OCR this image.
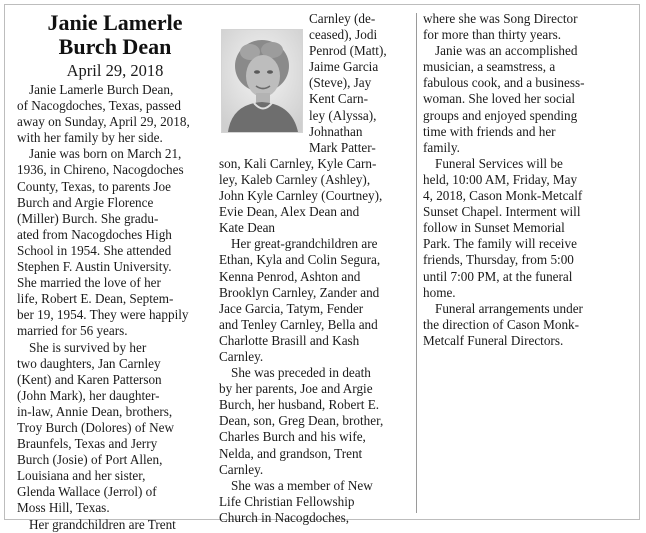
Janie Lamerle
Burch Dean
April 29, 2018
Janie Lamerle Burch Dean,
of Nacogdoches, Texas, passed
away on Sunday, April 29, 2018,
with her family by her side.
Janie was born on March 21,
1936, in Chireno, Nacogdoches
County, Texas, to parents Joe
Burch and Argie Florence
(Miller) Burch. She gradu-
ated from Nacogdoches High
School in 1954. She attended
Stephen F. Austin University.
She married the love of her
life, Robert E. Dean, Septem-
ber 19, 1954. They were happily
married for 56 years.
She is survived by her
two daughters, Jan Carnley
(Kent) and Karen Patterson
(John Mark), her daughter-
in-law, Annie Dean, brothers,
Troy Burch (Dolores) of New
Braunfels, Texas and Jerry
Burch (Josie) of Port Allen,
Louisiana and her sister,
Glenda Wallace (Jerrol) of
Moss Hill, Texas.
Her grandchildren are Trent
Carnley (de-
ceased), Jodi
Penrod (Matt),
Jaime Garcia
(Steve), Jay
Kent Carn-
ley (Alyssa),
Johnathan
Mark Patter-
son, Kali Carnley, Kyle Carn-
ley, Kaleb Carnley (Ashley),
John Kyle Carnley (Courtney),
Evie Dean, Alex Dean and
Kate Dean
Her great-grandchildren are
Ethan, Kyla and Colin Segura,
Kenna Penrod, Ashton and
Brooklyn Carnley, Zander and
Jace Garcia, Tatym, Fender
and Tenley Carnley, Bella and
Charlotte Brasill and Kash
Carnley.
She was preceded in death
by her parents, Joe and Argie
Burch, her husband, Robert E.
Dean, son, Greg Dean, brother,
Charles Burch and his wife,
Nelda, and grandson, Trent
Carnley.
She was a member of New
Life Christian Fellowship
Church in Nacogdoches,
where she was Song Director
for more than thirty years.
Janie was an accomplished
musician, a seamstress, a
fabulous cook, and a business-
woman. She loved her social
groups and enjoyed spending
time with friends and her
family.
Funeral Services will be
held, 10:00 AM, Friday, May
4, 2018, Cason Monk-Metcalf
Sunset Chapel. Interment will
follow in Sunset Memorial
Park. The family will receive
friends, Thursday, from 5:00
until 7:00 PM, at the funeral
home.
Funeral arrangements under
the direction of Cason Monk-
Metcalf Funeral Directors.
